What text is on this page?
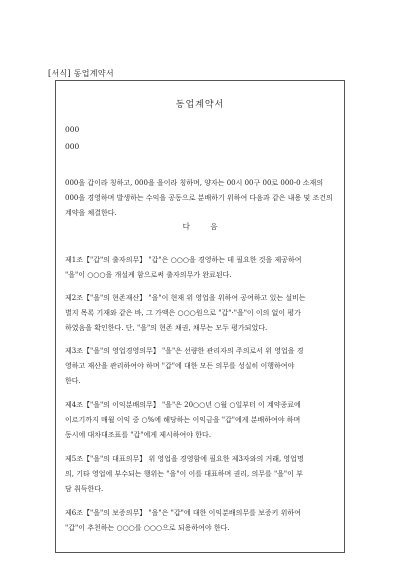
[서식] 동업계약서
동업계약서
000
000
000을 갑이라 칭하고, 000을 을이라 칭하며, 양자는 00시 00구 00로 000-0 소재의 000을 경영하며 발생하는 수익을 공동으로 분배하기 위하여 다음과 같은 내용 및 조건의 계약을 체결한다.
다 음
제1조【"갑"의 출자의무】 "갑"은 ○○○을 경영하는 데 필요한 것을 제공하여
"을"이 ○○○을 개설케 함으로써 출자의무가 완료된다.
제2조【"을"의 현존재산】 "을"이 현재 위 영업을 위하여 공여하고 있는 설비는
별지 목록 기재와 같은 바, 그 가액은 ○○○원으로 "갑"·"을"이 이의 없이 평가
하였음을 확인한다. 단, "을"의 현존 채권, 채무는 모두 평가되었다.
제3조【"을"의 영업경영의무】 "을"은 선량한 관리자의 주의로서 위 영업을 경
영하고 재산을 관리하여야 하며 "갑"에 대한 모든 의무를 성실히 이행하여야
한다.
제4조【"을"의 이익분배의무】 "을"은 20○○년 ○월 ○일부터 이 계약종료에
이르기까지 매월 이익 중 ○%에 해당하는 이익금을 "갑"에게 분배하여야 하며
동시에 대차대조표를 "갑"에게 제시하여야 한다.
제5조【"을"의 대표의무】 위 영업을 경영함에 필요한 제3자와의 거래, 영업명
의, 기타 영업에 부수되는 행위는 "을"이 이를 대표하며 권리, 의무를 "을"이 부
담 취득한다.
제6조【"을"의 보증의무】 "을"은 "갑"에 대한 이익분배의무를 보증키 위하여
"갑"이 추천하는 ○○○를 ○○○으로 되용하여야 한다.
